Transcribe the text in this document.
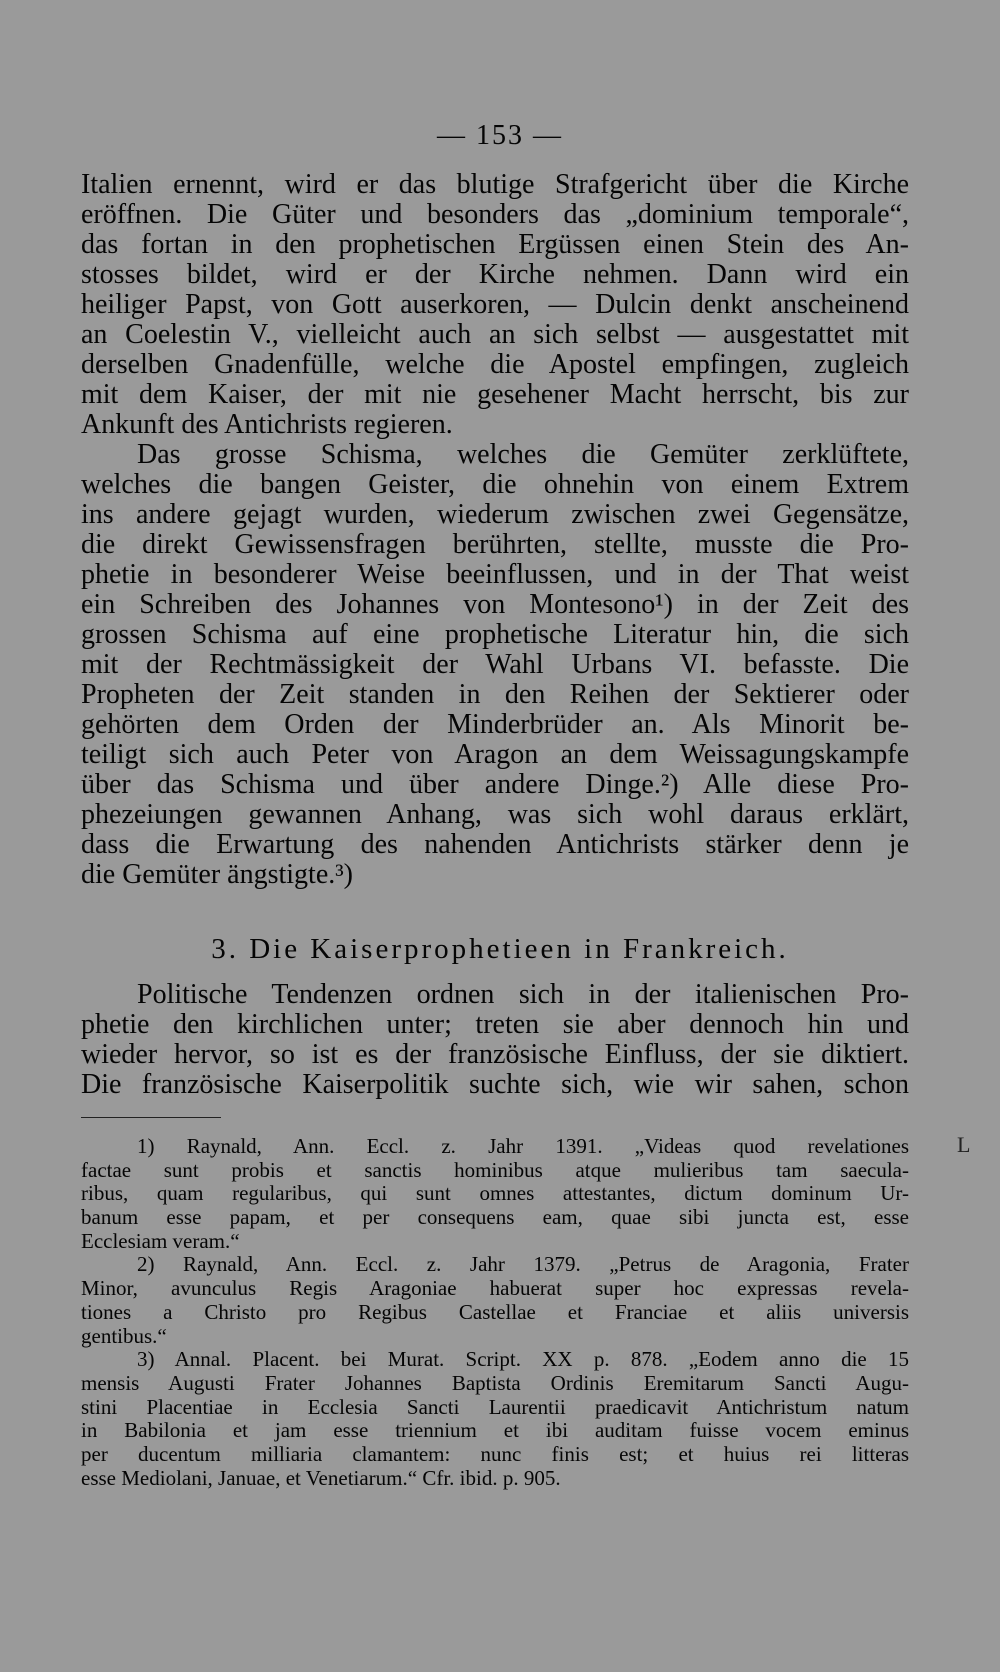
— 153 —
Italien ernennt, wird er das blutige Strafgericht über die Kirche
eröffnen. Die Güter und besonders das „dominium temporale“,
das fortan in den prophetischen Ergüssen einen Stein des An-
stosses bildet, wird er der Kirche nehmen. Dann wird ein
heiliger Papst, von Gott auserkoren, — Dulcin denkt anscheinend
an Coelestin V., vielleicht auch an sich selbst — ausgestattet mit
derselben Gnadenfülle, welche die Apostel empfingen, zugleich
mit dem Kaiser, der mit nie gesehener Macht herrscht, bis zur
Ankunft des Antichrists regieren.
Das grosse Schisma, welches die Gemüter zerklüftete,
welches die bangen Geister, die ohnehin von einem Extrem
ins andere gejagt wurden, wiederum zwischen zwei Gegensätze,
die direkt Gewissensfragen berührten, stellte, musste die Pro-
phetie in besonderer Weise beeinflussen, und in der That weist
ein Schreiben des Johannes von Montesono¹) in der Zeit des
grossen Schisma auf eine prophetische Literatur hin, die sich
mit der Rechtmässigkeit der Wahl Urbans VI. befasste. Die
Propheten der Zeit standen in den Reihen der Sektierer oder
gehörten dem Orden der Minderbrüder an. Als Minorit be-
teiligt sich auch Peter von Aragon an dem Weissagungskampfe
über das Schisma und über andere Dinge.²) Alle diese Pro-
phezeiungen gewannen Anhang, was sich wohl daraus erklärt,
dass die Erwartung des nahenden Antichrists stärker denn je
die Gemüter ängstigte.³)
3. Die Kaiserprophetieen in Frankreich.
Politische Tendenzen ordnen sich in der italienischen Pro-
phetie den kirchlichen unter; treten sie aber dennoch hin und
wieder hervor, so ist es der französische Einfluss, der sie diktiert.
Die französische Kaiserpolitik suchte sich, wie wir sahen, schon
1) Raynald, Ann. Eccl. z. Jahr 1391. „Videas quod revelationes
factae sunt probis et sanctis hominibus atque mulieribus tam saecula-
ribus, quam regularibus, qui sunt omnes attestantes, dictum dominum Ur-
banum esse papam, et per consequens eam, quae sibi juncta est, esse
Ecclesiam veram.“
2) Raynald, Ann. Eccl. z. Jahr 1379. „Petrus de Aragonia, Frater
Minor, avunculus Regis Aragoniae habuerat super hoc expressas revela-
tiones a Christo pro Regibus Castellae et Franciae et aliis universis
gentibus.“
3) Annal. Placent. bei Murat. Script. XX p. 878. „Eodem anno die 15
mensis Augusti Frater Johannes Baptista Ordinis Eremitarum Sancti Augu-
stini Placentiae in Ecclesia Sancti Laurentii praedicavit Antichristum natum
in Babilonia et jam esse triennium et ibi auditam fuisse vocem eminus
per ducentum milliaria clamantem: nunc finis est; et huius rei litteras
esse Mediolani, Januae, et Venetiarum.“ Cfr. ibid. p. 905.
L
